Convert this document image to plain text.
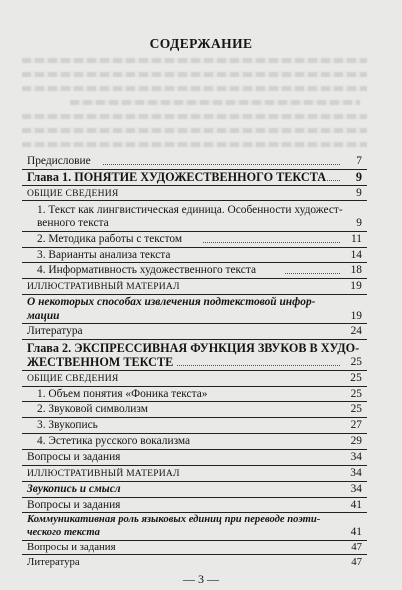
СОДЕРЖАНИЕ
Предисловие	7
Глава 1. ПОНЯТИЕ ХУДОЖЕСТВЕННОГО ТЕКСТА 9
ОБЩИЕ СВЕДЕНИЯ	9
1. Текст как лингвистическая единица. Особенности художест-
венного текста	9
2. Методика работы с текстом	11
3. Варианты анализа текста	14
4. Информативность художественного текста	18
ИЛЛЮСТРАТИВНЫЙ МАТЕРИАЛ	19
О некоторых способах извлечения подтекстовой инфор-
мации	19
Литература	24
Глава 2. ЭКСПРЕССИВНАЯ ФУНКЦИЯ ЗВУКОВ В ХУДО-
ЖЕСТВЕННОМ ТЕКСТЕ	25
ОБЩИЕ СВЕДЕНИЯ	25
1. Объем понятия «Фоника текста»	25
2. Звуковой символизм	25
3. Звукопись	27
4. Эстетика русского вокализма	29
Вопросы и задания	34
ИЛЛЮСТРАТИВНЫЙ МАТЕРИАЛ	34
Звукопись и смысл	34
Вопросы и задания	41
Коммуникативная роль языковых единиц при переводе поэти-
ческого текста	41
Вопросы и задания	47
Литература	47
— 3 —
